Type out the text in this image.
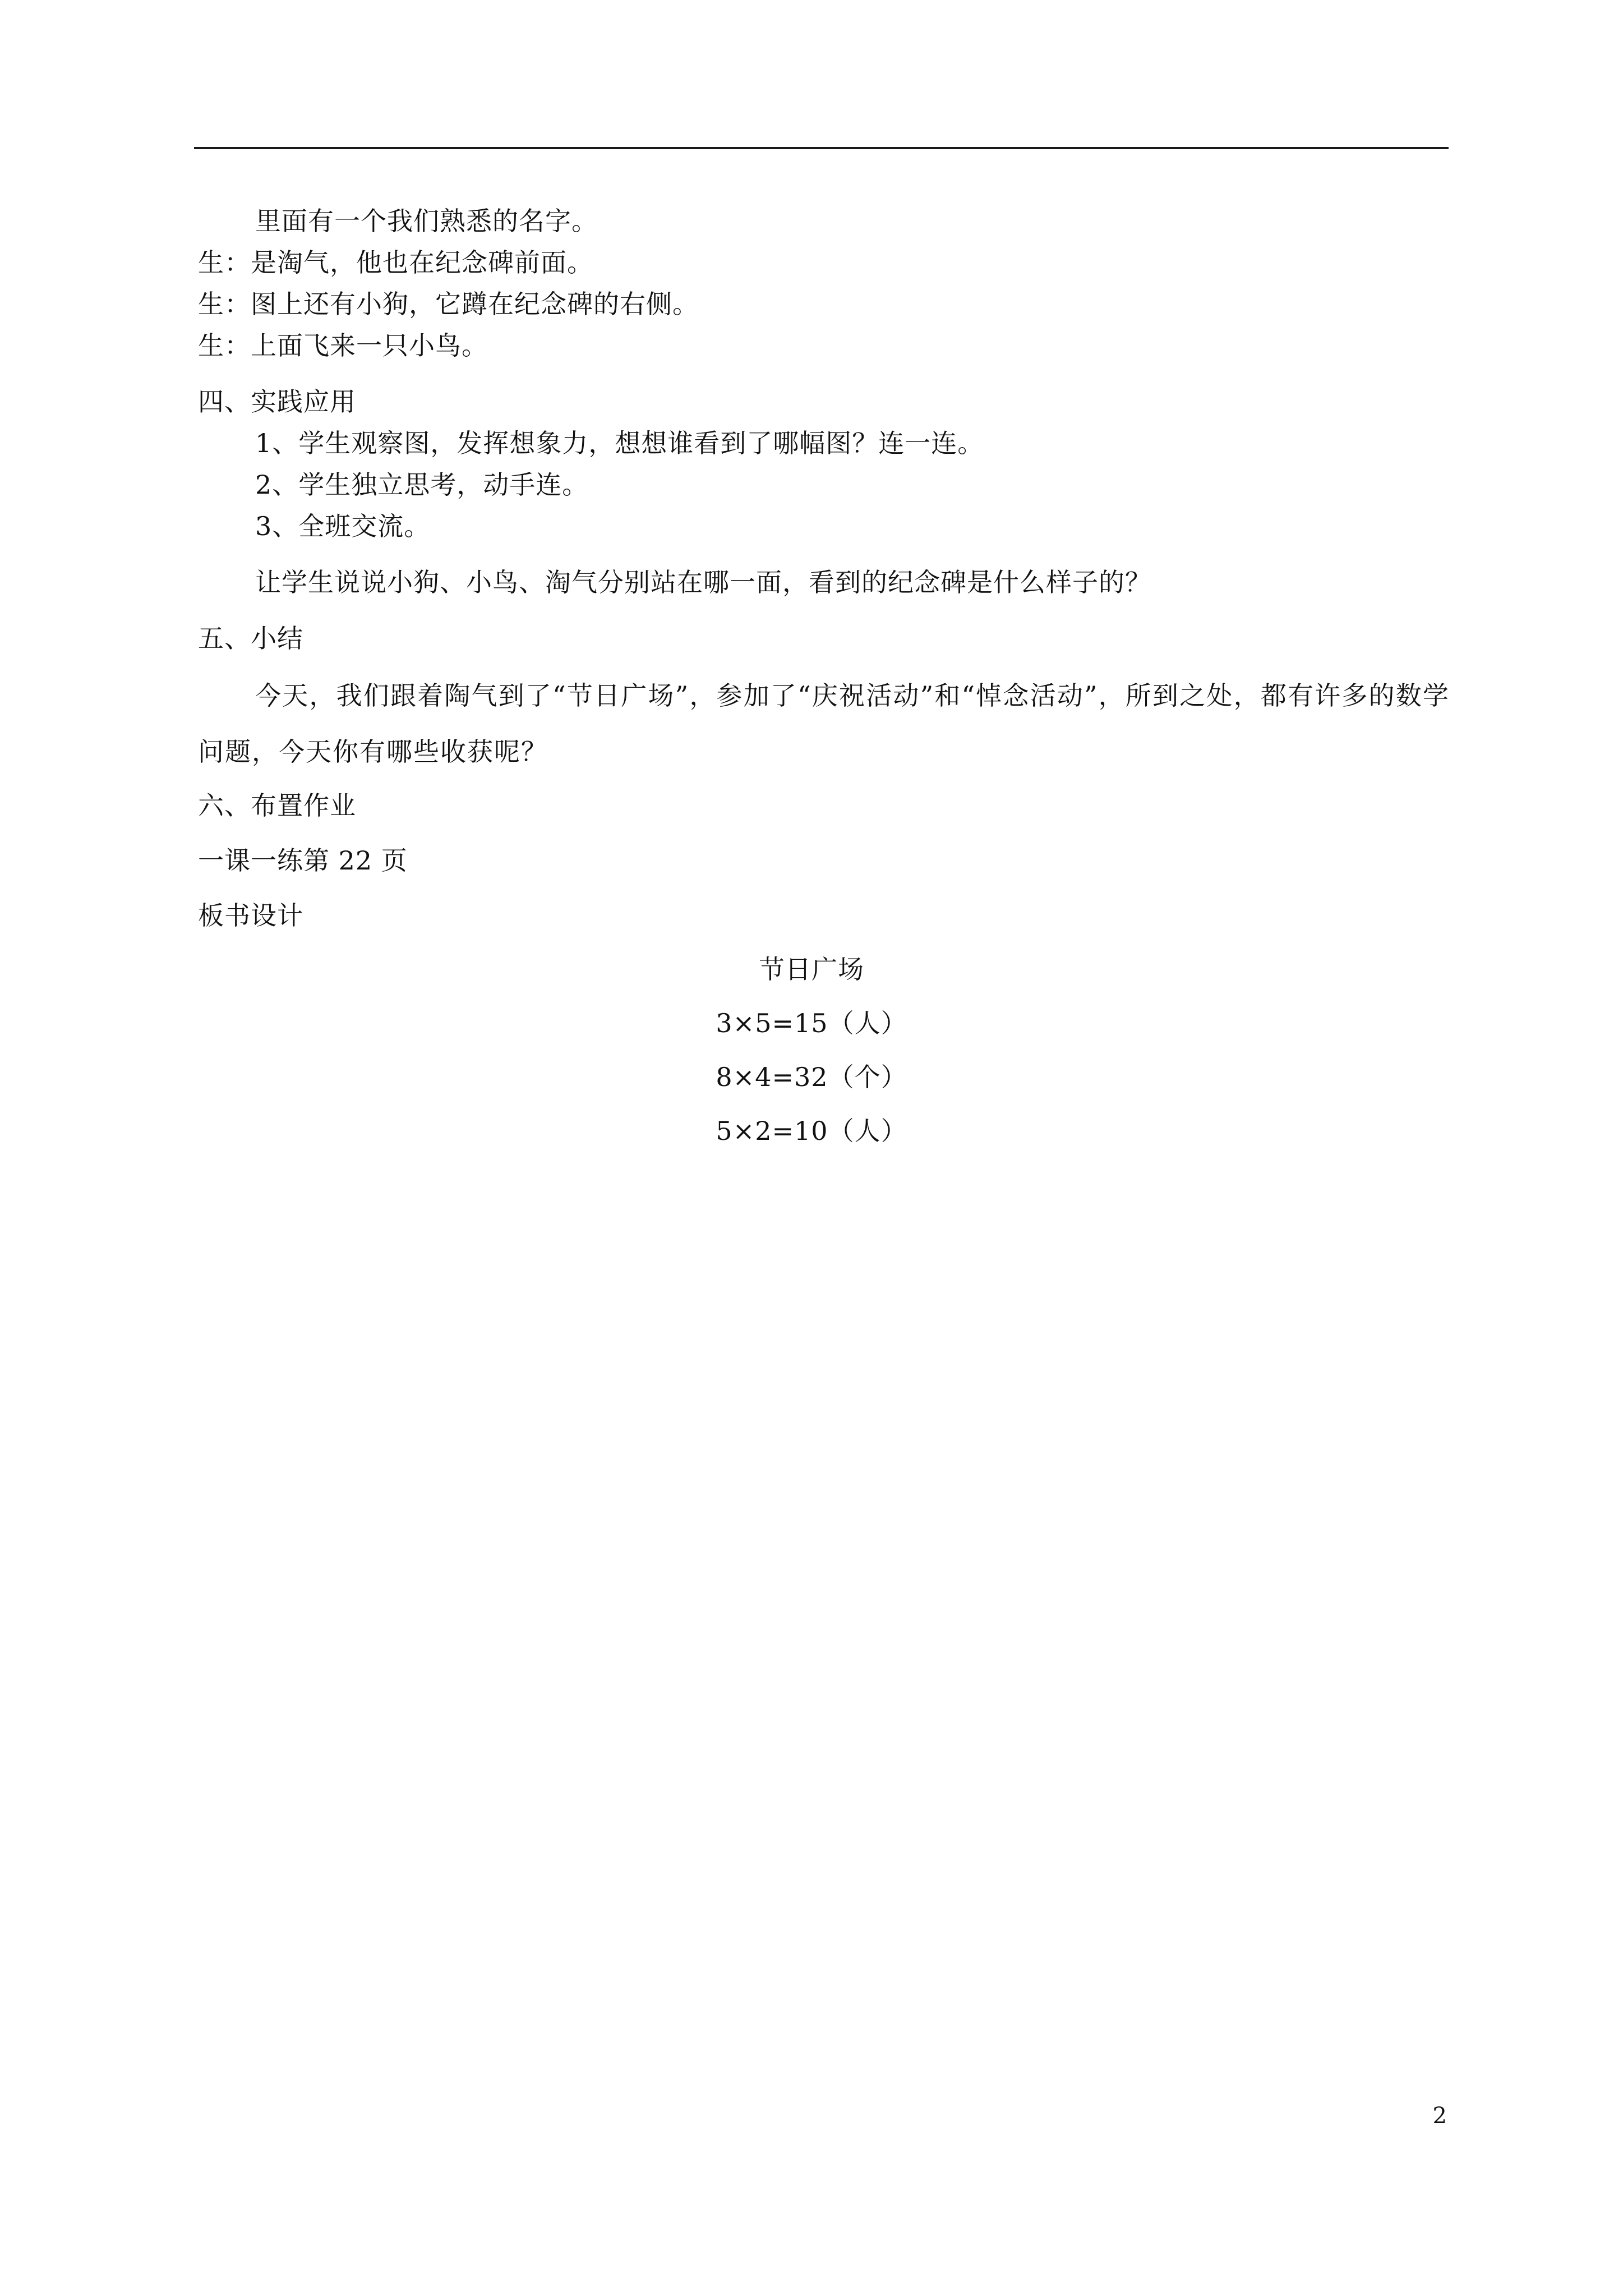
里面有一个我们熟悉的名字。
生：是淘气，他也在纪念碑前面。
生：图上还有小狗，它蹲在纪念碑的右侧。
生：上面飞来一只小鸟。
四、实践应用
1、学生观察图，发挥想象力，想想谁看到了哪幅图？连一连。
2、学生独立思考，动手连。
3、全班交流。
让学生说说小狗、小鸟、淘气分别站在哪一面，看到的纪念碑是什么样子的？
五、小结
今天，我们跟着陶气到了“节日广场”，参加了“庆祝活动”和“悼念活动”，所到之处，都有许多的数学问题，今天你有哪些收获呢？
六、布置作业
一课一练第 22 页
板书设计
节日广场
3×5=15（人）
8×4=32（个）
5×2=10（人）
2
